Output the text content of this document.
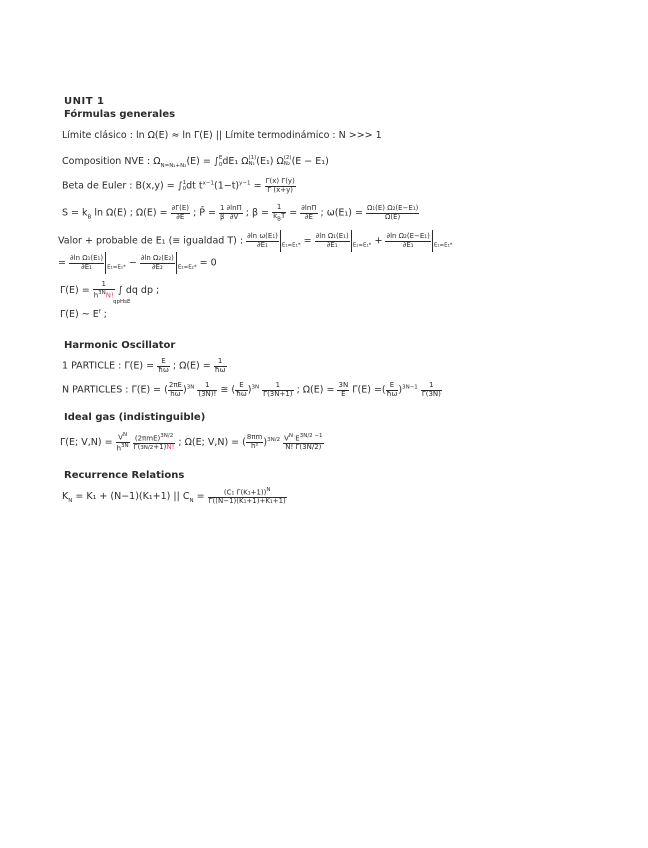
UNIT 1
Fórmulas generales
Límite clásico : ln Ω(E) ≈ ln Γ(E) || Límite termodinámico : N >>> 1
Composition NVE : $\Omega_{N=N_1+N_2}(E)$ = ∫ E
0 dE₁ Ω (1)
N₁ (E₁) Ω (2)
N₂ (E − E₁)
Beta de Euler : B(x,y) = ∫ 1
0 dt $t^{x-1}(1-t)^{y-1} = \frac{\Gamma(x) \Gamma(y)}{\Gamma (x+y)}$
$S = k_B$ ln Ω(E) ; $\Omega(E) = \frac{\partial\Gamma(E)}{\partial E}$ ; P̄ = $\frac{1}{\beta} \frac{\partial\ln\Pi}{\partial V}$ ; $\beta = \frac{1}{k_BT} = \frac{\partial\ln\Pi}{\partial E}$ ; $\omega(E_1) = \frac{\text{Ω₁(E) Ω₂(E−E₁)}}{\Omega(E)}$
Valor + probable de E₁ (≡ igualdad T) : $\frac{\text{∂ln ω(E₁)}}{\text{∂E₁}} _{E_1=E_1*} = \frac{\text{∂ln Ω₁(E₁)}}{\text{∂E₁}} _{E_1=E_1*} + \frac{\text{∂ln Ω₂(E−E₁)}}{\text{∂E₁}} _{E_1=E_1*}$
= $\frac{\text{∂ln Ω₁(E₁)}}{\text{∂E₁}} _{E_1=E_1*} - \frac{\text{∂ln Ω₂(E₂)}}{\text{∂E₂}} _{E_2=E_2*} = 0$
$\Gamma(E) = \frac{1}{h^{3N}N!}$ ∫ dq dp ;
qpHsE
Γ(E) ~ $E^f$ ;
Harmonic Oscillator
1 PARTICLE : $\Gamma(E) = \frac{E}{ħ\omega}$ ; $\Omega(E) = \frac{1}{ħ\omega}$
N PARTICLES : Γ(E) = ( $\frac{2\pi E}{h\omega} )^{3N} \frac{1}{(3N)!}$ ≅ ( $\frac{E}{ħ\omega} )^{3N} \frac{1}{\Gamma(3N+1)}$ ; $\Omega(E) = \frac{3N}{E} \Gamma(E)$ =( $\frac{E}{ħ\omega} )^{3N-1} \frac{1}{\Gamma(3N)}$
Ideal gas (indistinguible)
Γ(E; $V,N) = \frac{V^N}{h^{3N}}$
$\frac{(2\pi mE)^{3N/2}}{\Gamma(3N/2+1)N!}$ ; Ω(E; V,N) = ( $\frac{8\pi m}{\text{h²}} )^{3N/2} \frac{V^N E^{3N/2 -1}}{N! \Gamma(3N/2)}$
Recurrence Relations
$K_N = K_1 + (N-1)(K_1+1)$ || $C_N = \frac{(C_1 \Gamma(K_1+1))^N}{\text{Γ((N−1)(K₁+1)+K₁+1)}}$
